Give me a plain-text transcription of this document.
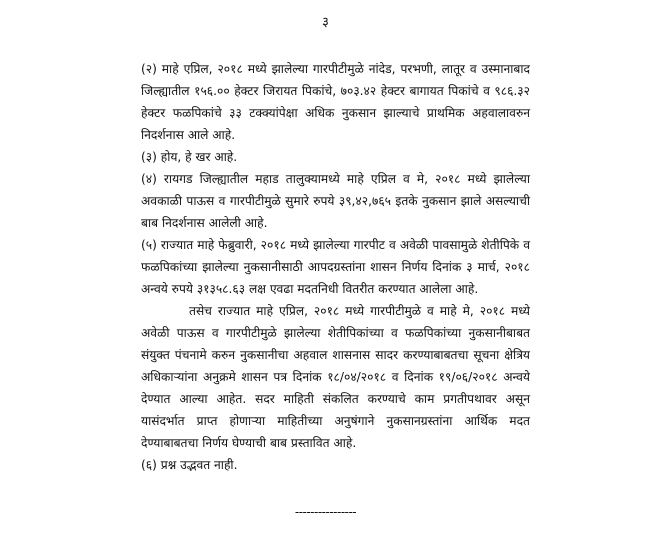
३

(२) माहे एप्रिल, २०१८ मध्ये झालेल्या गारपीटीमुळे नांदेड, परभणी, लातूर व उस्मानाबाद जिल्ह्यातील १५६.०० हेक्टर जिरायत पिकांचे, ७०३.४२ हेक्टर बागायत पिकांचे व ९८६.३२ हेक्टर फळपिकांचे ३३ टक्क्यांपेक्षा अधिक नुकसान झाल्याचे प्राथमिक अहवालावरुन निदर्शनास आले आहे.

(३) होय, हे खर आहे.

(४) रायगड जिल्ह्यातील महाड तालुक्यामध्ये माहे एप्रिल व मे, २०१८ मध्ये झालेल्या अवकाळी पाऊस व गारपीटीमुळे सुमारे रुपये ३९,४२,७६५ इतके नुकसान झाले असल्याची बाब निदर्शनास आलेली आहे.

(५) राज्यात माहे फेब्रुवारी, २०१८ मध्ये झालेल्या गारपीट व अवेळी पावसामुळे शेतीपिके व फळपिकांच्या झालेल्या नुकसानीसाठी आपदग्रस्तांना शासन निर्णय दिनांक ३ मार्च, २०१८ अन्वये रुपये ३१३५८.६३ लक्ष एवढा मदतनिधी वितरीत करण्यात आलेला आहे.

तसेच राज्यात माहे एप्रिल, २०१८ मध्ये गारपीटीमुळे व माहे मे, २०१८ मध्ये अवेळी पाऊस व गारपीटीमुळे झालेल्या शेतीपिकांच्या व फळपिकांच्या नुकसानीबाबत संयुक्त पंचनामे करुन नुकसानीचा अहवाल शासनास सादर करण्याबाबतचा सूचना क्षेत्रिय अधिकाऱ्यांना अनुक्रमे शासन पत्र दिनांक १८/०४/२०१८ व दिनांक १९/०६/२०१८ अन्वये देण्यात आल्या आहेत. सदर माहिती संकलित करण्याचे काम प्रगतीपथावर असून यासंदर्भात प्राप्त होणाऱ्या माहितीच्या अनुषंगाने नुकसानग्रस्तांना आर्थिक मदत देण्याबाबतचा निर्णय घेण्याची बाब प्रस्तावित आहे.

(६) प्रश्न उद्भवत नाही.

----------------
